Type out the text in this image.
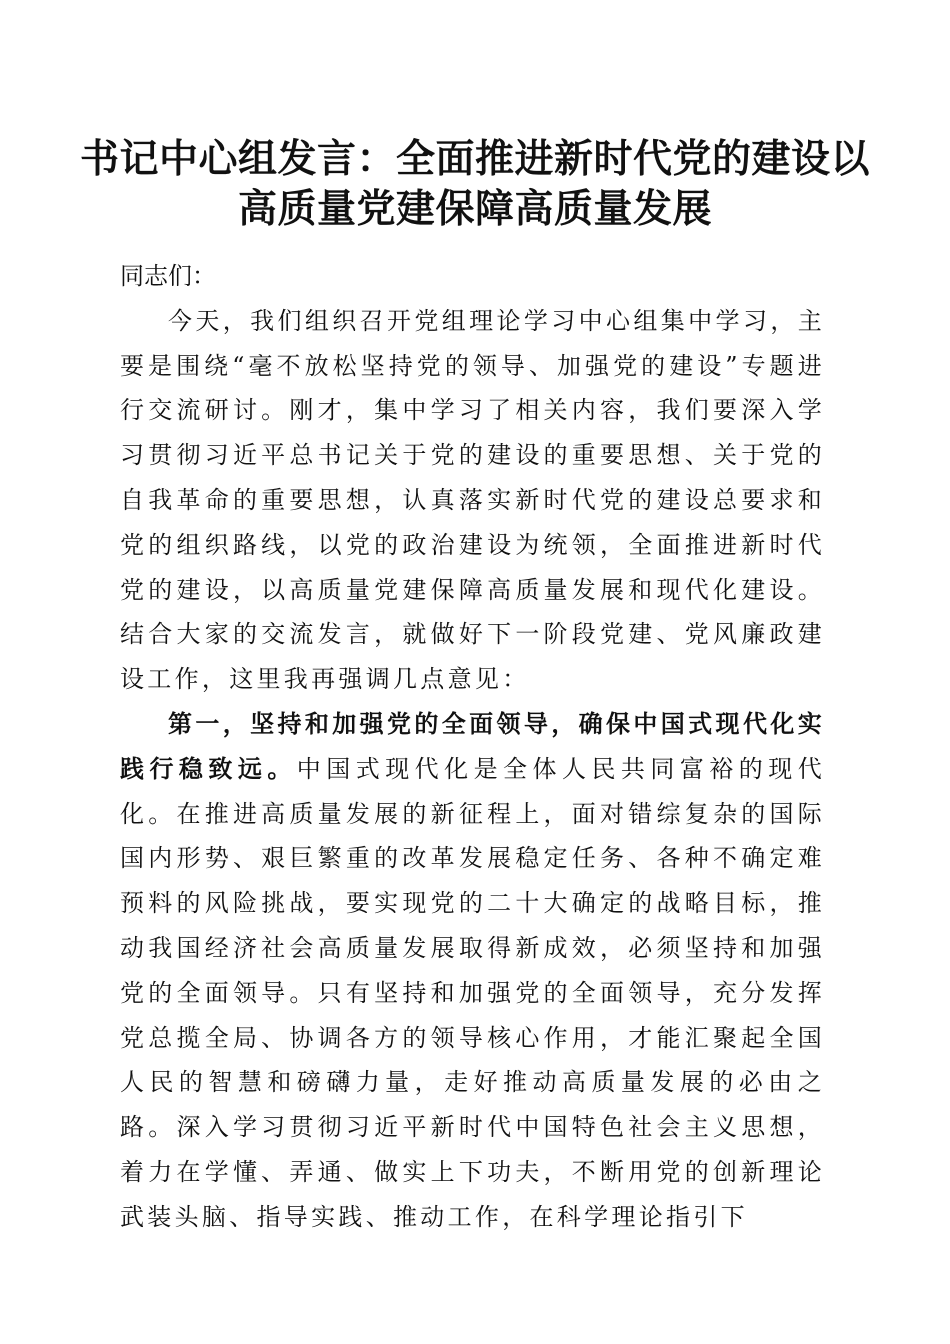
书记中心组发言：全面推进新时代党的建设以
高质量党建保障高质量发展

同志们：

今天，我们组织召开党组理论学习中心组集中学习，主要是围绕“毫不放松坚持党的领导、加强党的建设”专题进行交流研讨。刚才，集中学习了相关内容，我们要深入学习贯彻习近平总书记关于党的建设的重要思想、关于党的自我革命的重要思想，认真落实新时代党的建设总要求和党的组织路线，以党的政治建设为统领，全面推进新时代党的建设，以高质量党建保障高质量发展和现代化建设。结合大家的交流发言，就做好下一阶段党建、党风廉政建设工作，这里我再强调几点意见：

第一，坚持和加强党的全面领导，确保中国式现代化实践行稳致远。中国式现代化是全体人民共同富裕的现代化。在推进高质量发展的新征程上，面对错综复杂的国际国内形势、艰巨繁重的改革发展稳定任务、各种不确定难预料的风险挑战，要实现党的二十大确定的战略目标，推动我国经济社会高质量发展取得新成效，必须坚持和加强党的全面领导。只有坚持和加强党的全面领导，充分发挥党总揽全局、协调各方的领导核心作用，才能汇聚起全国人民的智慧和磅礴力量，走好推动高质量发展的必由之路。深入学习贯彻习近平新时代中国特色社会主义思想，着力在学懂、弄通、做实上下功夫，不断用党的创新理论武装头脑、指导实践、推动工作，在科学理论指引下
